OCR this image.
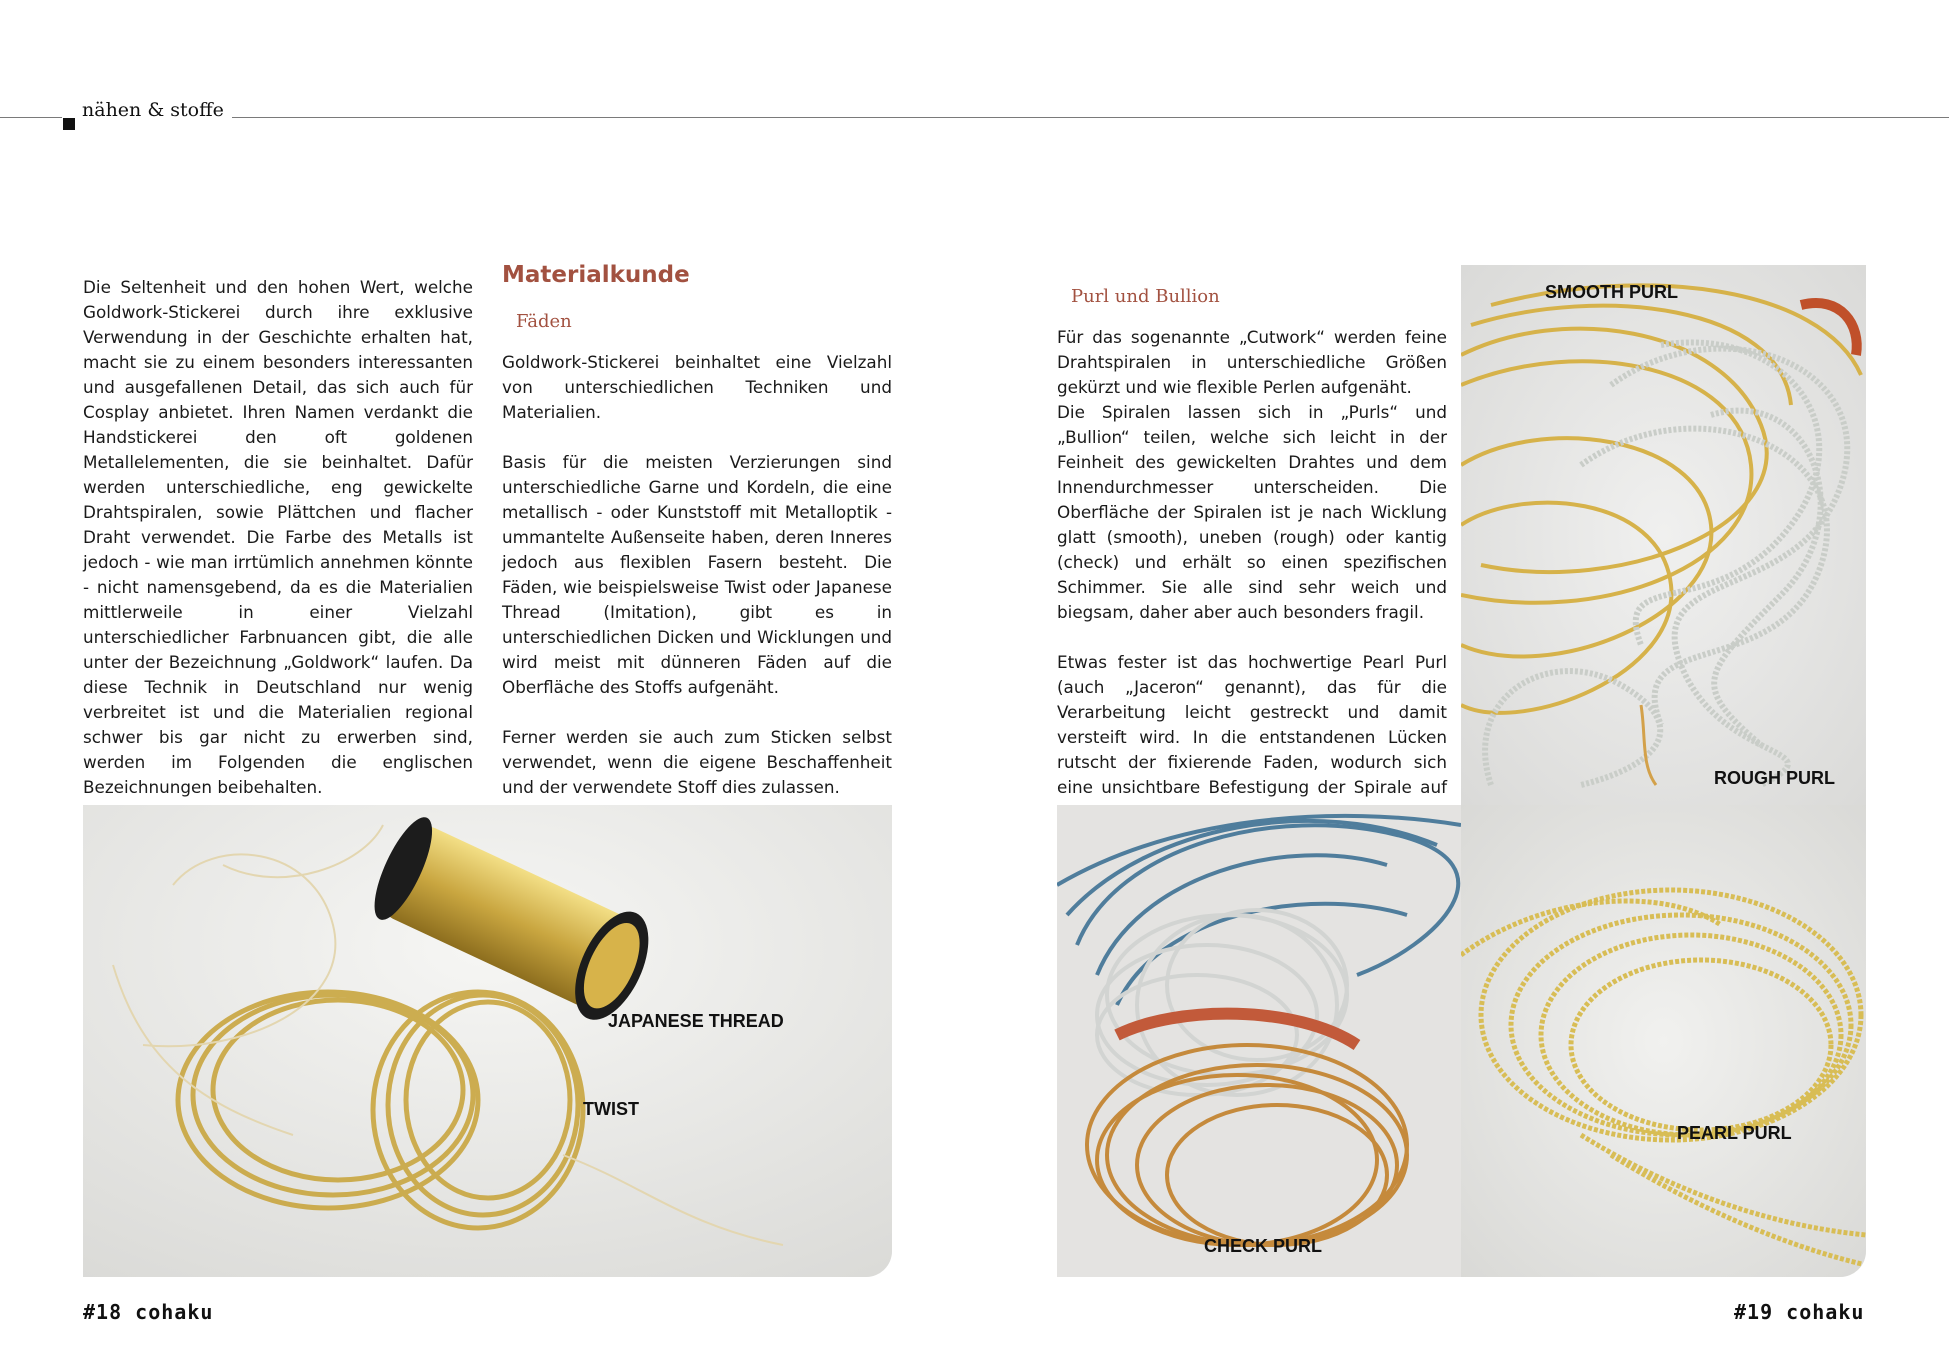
nähen & stoffe

Die Seltenheit und den hohen Wert, welche Goldwork-Stickerei durch ihre exklusive Verwendung in der Geschichte erhalten hat, macht sie zu einem besonders interessanten und ausgefallenen Detail, das sich auch für Cosplay anbietet. Ihren Namen verdankt die Handstickerei den oft goldenen Metallelementen, die sie beinhaltet. Dafür werden unterschiedliche, eng gewickelte Drahtspiralen, sowie Plättchen und flacher Draht verwendet. Die Farbe des Metalls ist jedoch - wie man irrtümlich annehmen könnte - nicht namensgebend, da es die Materialien mittlerweile in einer Vielzahl unterschiedlicher Farbnuancen gibt, die alle unter der Bezeichnung „Goldwork“ laufen. Da diese Technik in Deutschland nur wenig verbreitet ist und die Materialien regional schwer bis gar nicht zu erwerben sind, werden im Folgenden die englischen Bezeichnungen beibehalten.

Materialkunde
Fäden

Goldwork-Stickerei beinhaltet eine Vielzahl von unterschiedlichen Techniken und Materialien.

Basis für die meisten Verzierungen sind unterschiedliche Garne und Kordeln, die eine metallisch - oder Kunststoff mit Metalloptik - ummantelte Außenseite haben, deren Inneres jedoch aus flexiblen Fasern besteht. Die Fäden, wie beispielsweise Twist oder Japanese Thread (Imitation), gibt es in unterschiedlichen Dicken und Wicklungen und wird meist mit dünneren Fäden auf die Oberfläche des Stoffs aufgenäht.

Ferner werden sie auch zum Sticken selbst verwendet, wenn die eigene Beschaffenheit und der verwendete Stoff dies zulassen.

Purl und Bullion

Für das sogenannte „Cutwork“ werden feine Drahtspiralen in unterschiedliche Größen gekürzt und wie flexible Perlen aufgenäht.

Die Spiralen lassen sich in „Purls“ und „Bullion“ teilen, welche sich leicht in der Feinheit des gewickelten Drahtes und dem Innendurchmesser unterscheiden. Die Oberfläche der Spiralen ist je nach Wicklung glatt (smooth), uneben (rough) oder kantig (check) und erhält so einen spezifischen Schimmer. Sie alle sind sehr weich und biegsam, daher aber auch besonders fragil.

Etwas fester ist das hochwertige Pearl Purl (auch „Jaceron“ genannt), das für die Verarbeitung leicht gestreckt und damit versteift wird. In die entstandenen Lücken rutscht der fixierende Faden, wodurch sich eine unsichtbare Befestigung der Spirale auf

JAPANESE THREAD
TWIST
SMOOTH PURL
ROUGH PURL
CHECK PURL
PEARL PURL
#18 cohaku	#19 cohaku
